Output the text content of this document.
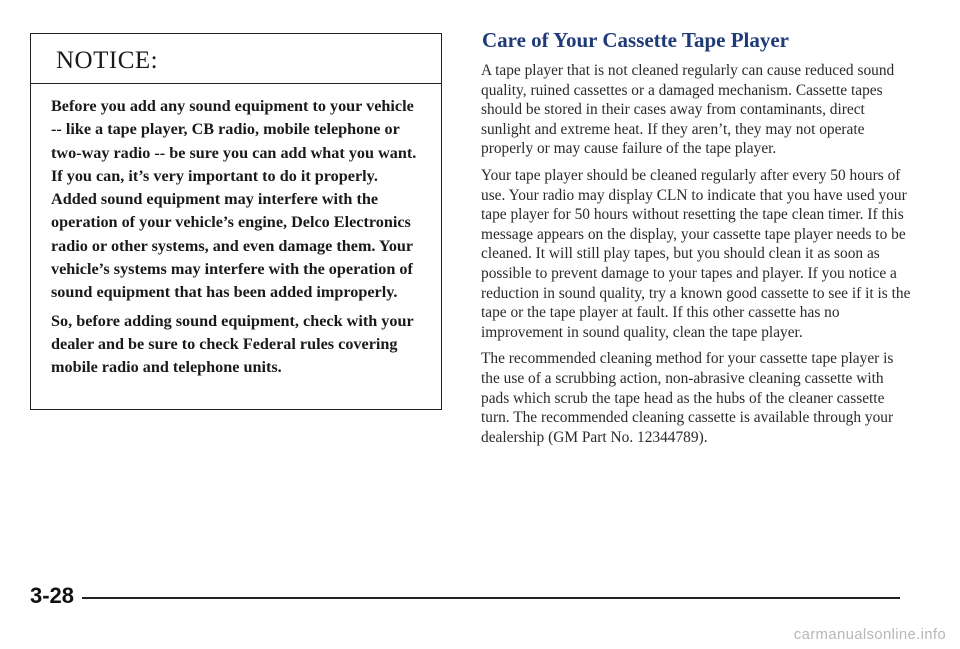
NOTICE:

Before you add any sound equipment to your vehicle -- like a tape player, CB radio, mobile telephone or two-way radio -- be sure you can add what you want. If you can, it’s very important to do it properly. Added sound equipment may interfere with the operation of your vehicle’s engine, Delco Electronics radio or other systems, and even damage them. Your vehicle’s systems may interfere with the operation of sound equipment that has been added improperly.

So, before adding sound equipment, check with your dealer and be sure to check Federal rules covering mobile radio and telephone units.

Care of Your Cassette Tape Player

A tape player that is not cleaned regularly can cause reduced sound quality, ruined cassettes or a damaged mechanism. Cassette tapes should be stored in their cases away from contaminants, direct sunlight and extreme heat. If they aren’t, they may not operate properly or may cause failure of the tape player.

Your tape player should be cleaned regularly after every 50 hours of use. Your radio may display CLN to indicate that you have used your tape player for 50 hours without resetting the tape clean timer. If this message appears on the display, your cassette tape player needs to be cleaned. It will still play tapes, but you should clean it as soon as possible to prevent damage to your tapes and player. If you notice a reduction in sound quality, try a known good cassette to see if it is the tape or the tape player at fault. If this other cassette has no improvement in sound quality, clean the tape player.

The recommended cleaning method for your cassette tape player is the use of a scrubbing action, non-abrasive cleaning cassette with pads which scrub the tape head as the hubs of the cleaner cassette turn. The recommended cleaning cassette is available through your dealership (GM Part No. 12344789).

3-28
carmanualsonline.info
